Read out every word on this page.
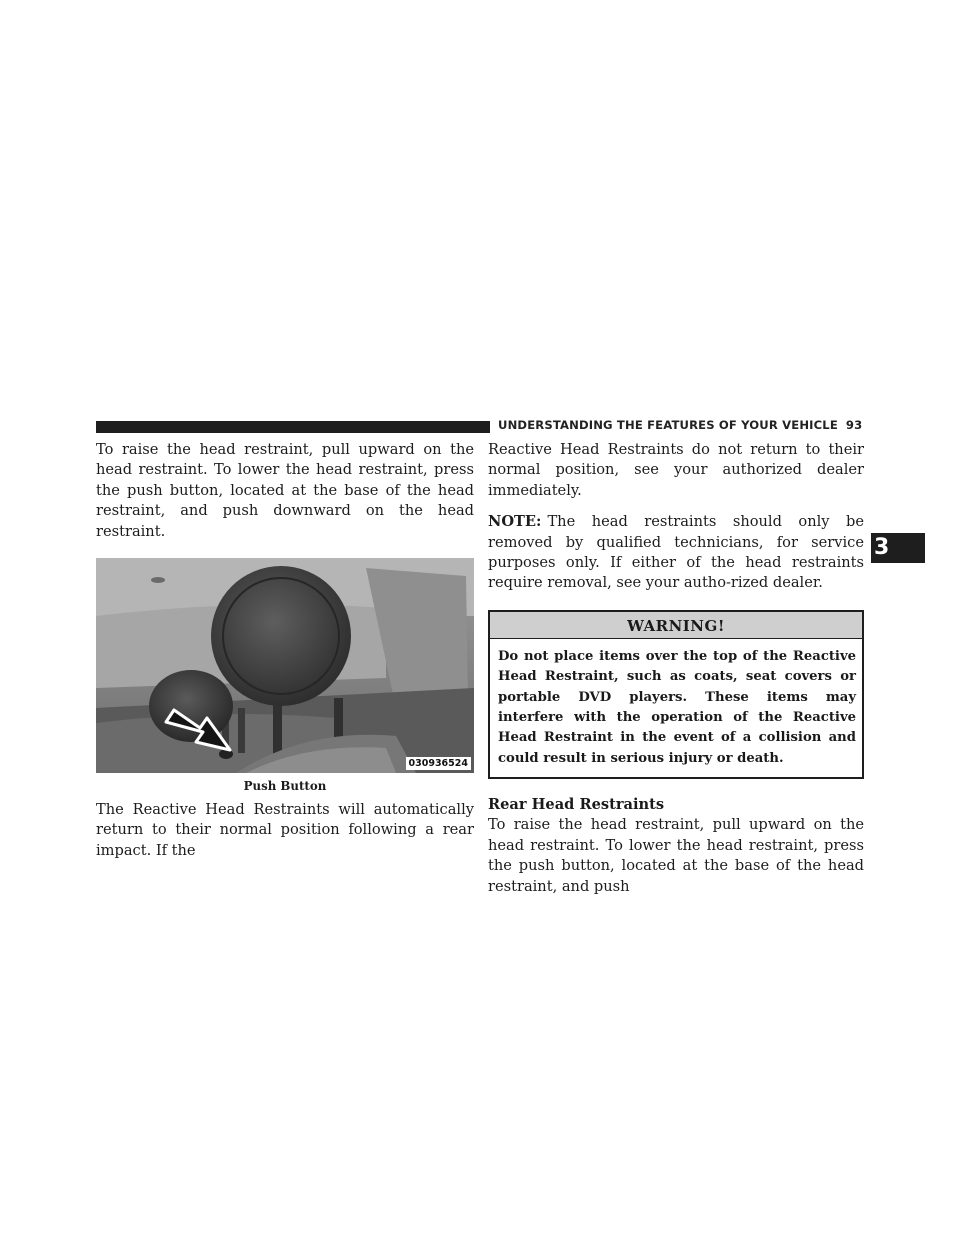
UNDERSTANDING THE FEATURES OF YOUR VEHICLE 93
3

To raise the head restraint, pull upward on the head restraint. To lower the head restraint, press the push button, located at the base of the head restraint, and push downward on the head restraint.

030936524
Push Button

The Reactive Head Restraints will automatically return to their normal position following a rear impact. If the

Reactive Head Restraints do not return to their normal position, see your authorized dealer immediately.

NOTE: The head restraints should only be removed by qualified technicians, for service purposes only. If either of the head restraints require removal, see your autho-rized dealer.

WARNING!
Do not place items over the top of the Reactive Head Restraint, such as coats, seat covers or portable DVD players. These items may interfere with the operation of the Reactive Head Restraint in the event of a collision and could result in serious injury or death.
Rear Head Restraints

To raise the head restraint, pull upward on the head restraint. To lower the head restraint, press the push button, located at the base of the head restraint, and push
